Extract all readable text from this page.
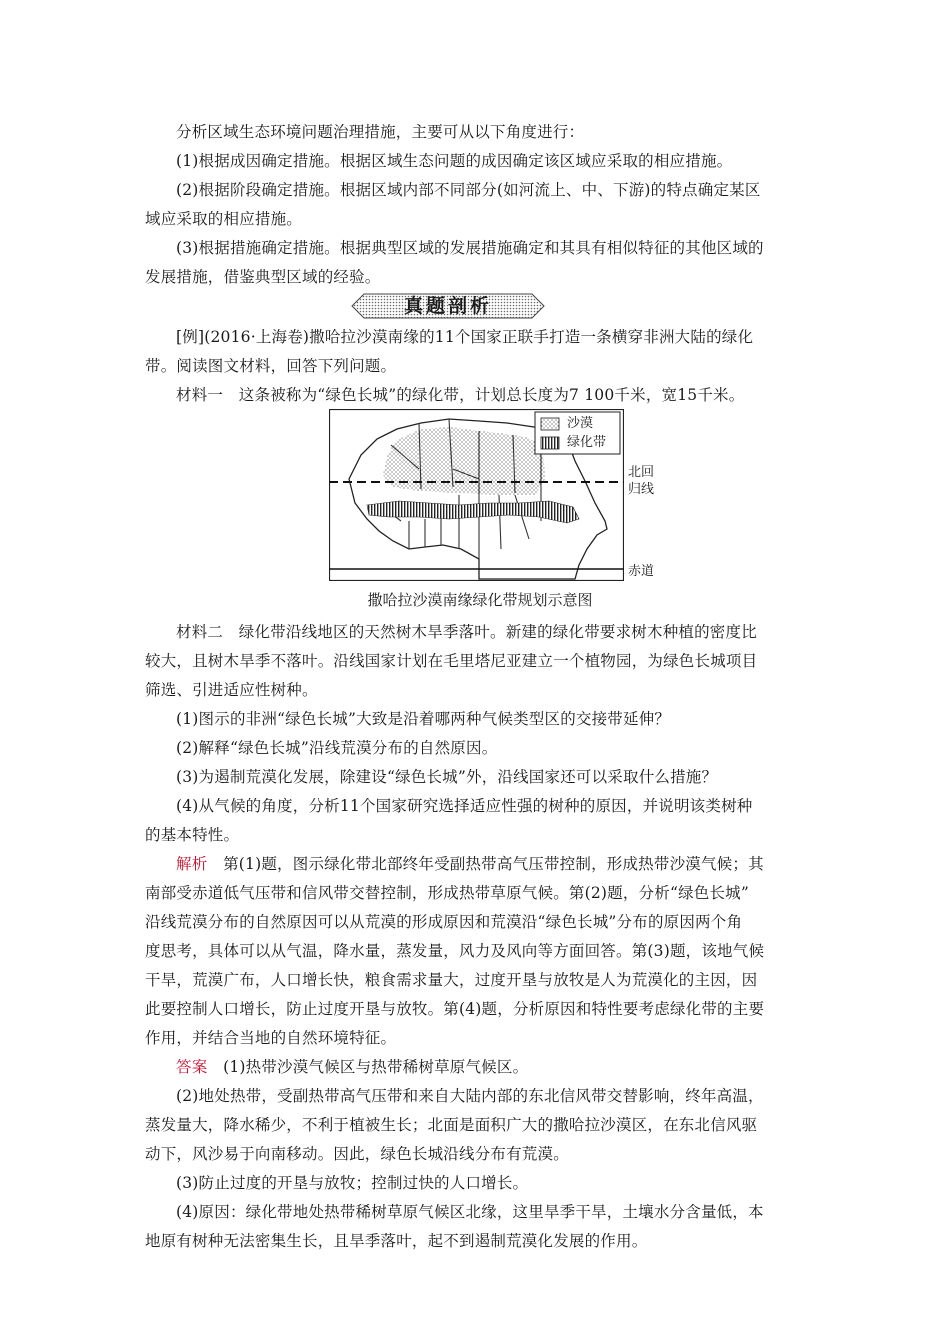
分析区域生态环境问题治理措施，主要可从以下角度进行：
(1)根据成因确定措施。根据区域生态问题的成因确定该区域应采取的相应措施。
(2)根据阶段确定措施。根据区域内部不同部分(如河流上、中、下游)的特点确定某区
域应采取的相应措施。
(3)根据措施确定措施。根据典型区域的发展措施确定和其具有相似特征的其他区域的
发展措施，借鉴典型区域的经验。
真题剖析
[例](2016·上海卷)撒哈拉沙漠南缘的11个国家正联手打造一条横穿非洲大陆的绿化
带。阅读图文材料，回答下列问题。
材料一　这条被称为“绿色长城”的绿化带，计划总长度为7 100千米，宽15千米。
沙漠
绿化带
北回
归线
赤道
撒哈拉沙漠南缘绿化带规划示意图
材料二　绿化带沿线地区的天然树木旱季落叶。新建的绿化带要求树木种植的密度比
较大，且树木旱季不落叶。沿线国家计划在毛里塔尼亚建立一个植物园，为绿色长城项目
筛选、引进适应性树种。
(1)图示的非洲“绿色长城”大致是沿着哪两种气候类型区的交接带延伸？
(2)解释“绿色长城”沿线荒漠分布的自然原因。
(3)为遏制荒漠化发展，除建设“绿色长城”外，沿线国家还可以采取什么措施？
(4)从气候的角度，分析11个国家研究选择适应性强的树种的原因，并说明该类树种
的基本特性。
解析　第(1)题，图示绿化带北部终年受副热带高气压带控制，形成热带沙漠气候；其
南部受赤道低气压带和信风带交替控制，形成热带草原气候。第(2)题，分析“绿色长城”
沿线荒漠分布的自然原因可以从荒漠的形成原因和荒漠沿“绿色长城”分布的原因两个角
度思考，具体可以从气温，降水量，蒸发量，风力及风向等方面回答。第(3)题，该地气候
干旱，荒漠广布，人口增长快，粮食需求量大，过度开垦与放牧是人为荒漠化的主因，因
此要控制人口增长，防止过度开垦与放牧。第(4)题，分析原因和特性要考虑绿化带的主要
作用，并结合当地的自然环境特征。
答案　(1)热带沙漠气候区与热带稀树草原气候区。
(2)地处热带，受副热带高气压带和来自大陆内部的东北信风带交替影响，终年高温，
蒸发量大，降水稀少，不利于植被生长；北面是面积广大的撒哈拉沙漠区，在东北信风驱
动下，风沙易于向南移动。因此，绿色长城沿线分布有荒漠。
(3)防止过度的开垦与放牧；控制过快的人口增长。
(4)原因：绿化带地处热带稀树草原气候区北缘，这里旱季干旱，土壤水分含量低，本
地原有树种无法密集生长，且旱季落叶，起不到遏制荒漠化发展的作用。
